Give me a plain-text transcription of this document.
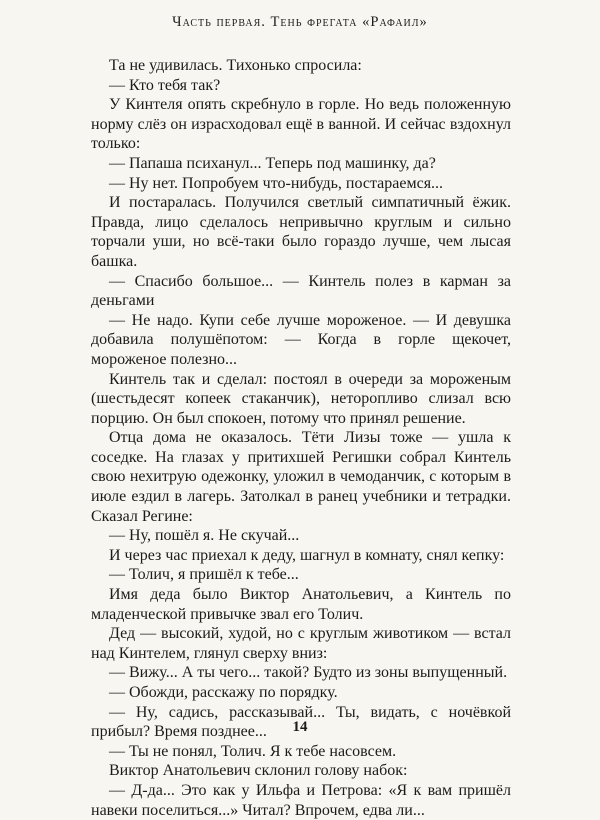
Часть первая. Тень фрегата «Рафаил»

Та не удивилась. Тихонько спросила:

— Кто тебя так?

У Кинтеля опять скребнуло в горле. Но ведь положенную норму слёз он израсходовал ещё в ванной. И сейчас вздохнул только:

— Папаша психанул... Теперь под машинку, да?

— Ну нет. Попробуем что-нибудь, постараемся...

И постаралась. Получился светлый симпатичный ёжик. Правда, лицо сделалось непривычно круглым и сильно торчали уши, но всё-таки было гораздо лучше, чем лысая башка.

— Спасибо большое... — Кинтель полез в карман за деньгами

— Не надо. Купи себе лучше мороженое. — И девушка добавила полушёпотом: — Когда в горле щекочет, мороженое полезно...

Кинтель так и сделал: постоял в очереди за мороженым (шестьдесят копеек стаканчик), неторопливо слизал всю порцию. Он был спокоен, потому что принял решение.

Отца дома не оказалось. Тёти Лизы тоже — ушла к соседке. На глазах у притихшей Регишки собрал Кинтель свою нехитрую одежонку, уложил в чемоданчик, с которым в июле ездил в лагерь. Затолкал в ранец учебники и тетрадки. Сказал Регине:

— Ну, пошёл я. Не скучай...

И через час приехал к деду, шагнул в комнату, снял кепку:

— Толич, я пришёл к тебе...

Имя деда было Виктор Анатольевич, а Кинтель по младенческой привычке звал его Толич.

Дед — высокий, худой, но с круглым животиком — встал над Кинтелем, глянул сверху вниз:

— Вижу... А ты чего... такой? Будто из зоны выпущенный.

— Обожди, расскажу по порядку.

— Ну, садись, рассказывай... Ты, видать, с ночёвкой прибыл? Время позднее...

— Ты не понял, Толич. Я к тебе насовсем.

Виктор Анатольевич склонил голову набок:

— Д-да... Это как у Ильфа и Петрова: «Я к вам пришёл навеки поселиться...» Читал? Впрочем, едва ли...

14
